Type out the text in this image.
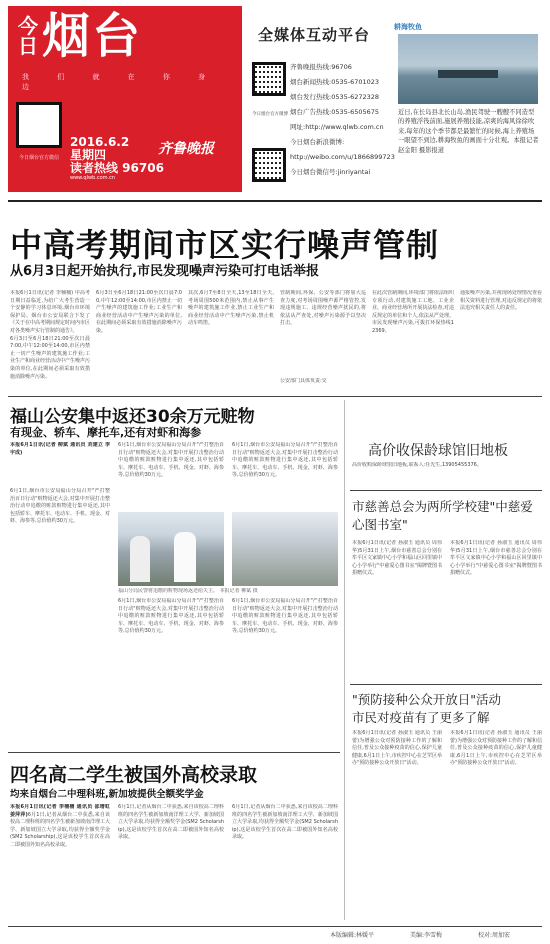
今日烟台
我 们 就 在 你 身 边
今日烟台官方微信
2016.6.2
星期四
读者热线 96706
www.qlwb.com.cn
齐鲁晚报
全媒体互动平台	耕海牧鱼
今日烟台官方微博
齐鲁晚报热线:96706
烟台新闻热线:0535-6701023
烟台发行热线:0535-6272328
烟台广告热线:0535-6505675
网址:http://www.qlwb.com.cn
今日烟台新浪微博:
http://weibo.com/u/1866899723
今日烟台微信号:jinriyantai
近日,在长岛县北长山岛,渔民驾驶一艘艘不同造型的养殖浮筏前面,施展养殖技能,凉爽的海风徐徐吹来,每年的这个季节都是最繁忙的时候,海上养殖场一眼望不到边,耕海牧鱼的画面十分壮观。本报记者 赵金阳 摄影报道
中高考期间市区实行噪声管制
从6月3日起开始执行,市民发现噪声污染可打电话举报
本报6月1日讯(记者 李楠楠) 中高考日期日益临近,为给广大考生营造一个安静的学习休息环境,烟台市环境保护局、烟台市公安局联合下发了《关于在中高考期间规定时间内市区对各类噪声实行管制的通告》。
6月3日至6月18日21:00至次日晨7:00,中午12:00至14:00,市区内禁止一切产生噪声的建筑施工作业;工业生产和商业经营活动中产生噪声污染的单位,在此期间必须采取有效措施消除噪声污染。
6月3日至6月18日21:00至次日晨7:00,中午12:00至14:00,市区内禁止一切产生噪声的建筑施工作业;工业生产和商业经营活动中产生噪声污染的单位,在此期间必须采取有效措施消除噪声污染。
其次,6月7至8日全天,13至18日全天,考场周围500米范围内,禁止从事产生噪声的建筑施工作业,禁止工业生产和商业经营活动中产生噪声污染,禁止机动车鸣笛。
管制期间,环保、公安等部门将加大巡查力度,对考场周围噪声源严格管控,发现违规施工、违规经营噪声扰民的,将依法从严查处,对噪声污染源予以坚决打击。
在此次管制期间,环境部门将依法组织专项行动,对建筑施工工地、工业企业、商业经营场所开展执法检查,对违反规定的单位和个人,依法从严处理。市民发现噪声污染,可拨打环保热线12369。
通报噪声污染,并视现场处理情况查看相关资料进行管理,对违反规定的将依法追究相关责任人的责任。
公安部门具体负责:交
福山公安集中返还30余万元赃物
有现金、轿车、摩托车,还有对虾和海参
本报6月1日讯(记者 柳斌 通讯员 刘建立 李宇成)
6月1日,烟台市公安局福山分局召开"严打整治百日行动"赃物返还大会,对集中开展打击整治行动中追缴的赃款赃物进行集中返还,其中包括轿车、摩托车、电动车、手机、现金、对虾、海参等,总价值约30万元。
6月1日,烟台市公安局福山分局召开"严打整治百日行动"赃物返还大会,对集中开展打击整治行动中追缴的赃款赃物进行集中返还,其中包括轿车、摩托车、电动车、手机、现金、对虾、海参等,总价值约30万元。
6月1日,烟台市公安局福山分局召开"严打整治百日行动"赃物返还大会,对集中开展打击整治行动中追缴的赃款赃物进行集中返还,其中包括轿车、摩托车、电动车、手机、现金、对虾、海参等,总价值约30万元。
福山分局民警将追缴的赃物现场返还给失主。 本报记者 柳斌 摄
6月1日,烟台市公安局福山分局召开"严打整治百日行动"赃物返还大会,对集中开展打击整治行动中追缴的赃款赃物进行集中返还,其中包括轿车、摩托车、电动车、手机、现金、对虾、海参等,总价值约30万元。
6月1日,烟台市公安局福山分局召开"严打整治百日行动"赃物返还大会,对集中开展打击整治行动中追缴的赃款赃物进行集中返还,其中包括轿车、摩托车、电动车、手机、现金、对虾、海参等,总价值约30万元。
四名高二学生被国外高校录取
均来自烟台二中理科班,新加坡提供全额奖学金
本报6月1日讯(记者 李楠楠 通讯员 邵增虹 姜萍萍)6月1日,记者从烟台二中获悉,来自该校高二理科班的四名学生被新加坡南洋理工大学、新加坡国立大学录取,均获得全额奖学金(SM2 Scholarship),这是该校学生首次在高二即被国外知名高校录取。
6月1日,记者从烟台二中获悉,来自该校高二理科班的四名学生被新加坡南洋理工大学、新加坡国立大学录取,均获得全额奖学金(SM2 Scholarship),这是该校学生首次在高二即被国外知名高校录取。
6月1日,记者从烟台二中获悉,来自该校高二理科班的四名学生被新加坡南洋理工大学、新加坡国立大学录取,均获得全额奖学金(SM2 Scholarship),这是该校学生首次在高二即被国外知名高校录取。
高价收保龄球馆旧地板
高价收购保龄球馆旧地板,联系人:任先生,13905455376。
市慈善总会为两所学校建"中慈爱心图书室"
本报6月1日讯(记者 孙淑玉 通讯员 周伟华)5月31日上午,烟台市慈善总会分别在牟平区文家镇中心小学和福山区回里镇中心小学举行"中慈爱心图书室"揭牌暨图书捐赠仪式。
本报6月1日讯(记者 孙淑玉 通讯员 周伟华)5月31日上午,烟台市慈善总会分别在牟平区文家镇中心小学和福山区回里镇中心小学举行"中慈爱心图书室"揭牌暨图书捐赠仪式。
"预防接种公众开放日"活动
市民对疫苗有了更多了解
本报6月1日讯(记者 孙淑玉 通讯员 王丽蕾)为增强公众对预防接种工作的了解和信任,普及公众接种疫苗的信心,保护儿童健康,6月1日上午,市疾控中心在芝罘区举办"预防接种公众开放日"活动。
本报6月1日讯(记者 孙淑玉 通讯员 王丽蕾)为增强公众对预防接种工作的了解和信任,普及公众接种疫苗的信心,保护儿童健康,6月1日上午,市疾控中心在芝罘区举办"预防接种公众开放日"活动。
本版编辑:林媛平	美编:李雪梅	校对:周加宏
